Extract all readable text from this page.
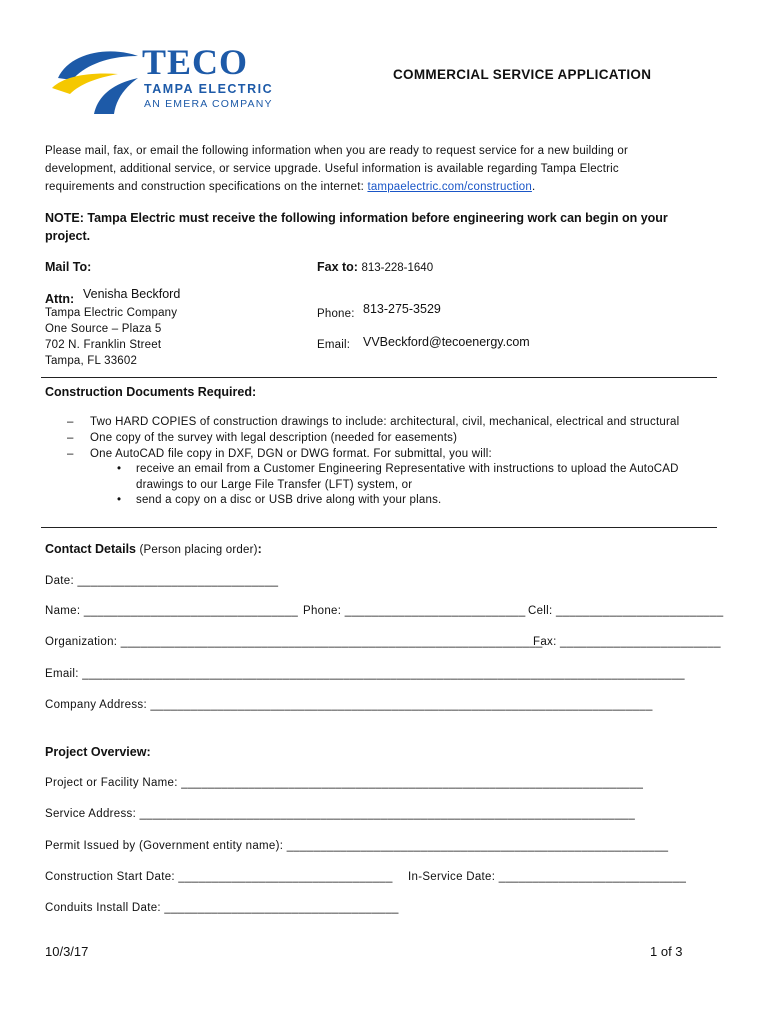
TECO
TAMPA ELECTRIC
AN EMERA COMPANY
COMMERCIAL SERVICE APPLICATION
Please mail, fax, or email the following information when you are ready to request service for a new building or
development, additional service, or service upgrade. Useful information is available regarding Tampa Electric
requirements and construction specifications on the internet: tampaelectric.com/construction.
NOTE: Tampa Electric must receive the following information before engineering work can begin on your
project.
Mail To:	Fax to: 813-228-1640
Attn: Venisha Beckford
Tampa Electric Company
One Source – Plaza 5
702 N. Franklin Street
Tampa, FL 33602
Phone: 813-275-3529
Email: VVBeckford@tecoenergy.com
Construction Documents Required:
– Two HARD COPIES of construction drawings to include: architectural, civil, mechanical, electrical and structural
– One copy of the survey with legal description (needed for easements)
– One AutoCAD file copy in DXF, DGN or DWG format. For submittal, you will:
• receive an email from a Customer Engineering Representative with instructions to upload the AutoCAD
drawings to our Large File Transfer (LFT) system, or
• send a copy on a disc or USB drive along with your plans.
Contact Details (Person placing order):
Date: ______________________________
Name: ________________________________ Phone: ___________________________ Cell: _________________________
Organization: _______________________________________________________________
Fax: ________________________
Email: __________________________________________________________________________________________
Company Address: ___________________________________________________________________________
Project Overview:
Project or Facility Name: _____________________________________________________________________
Service Address: __________________________________________________________________________
Permit Issued by (Government entity name): _________________________________________________________
Construction Start Date: ________________________________ In-Service Date: ____________________________
Conduits Install Date: ___________________________________
10/3/17	1 of 3
